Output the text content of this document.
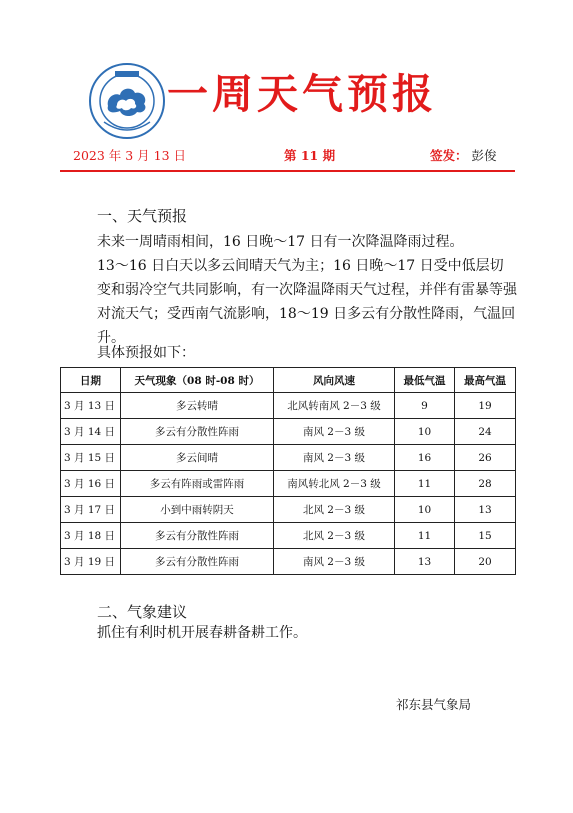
一周天气预报
2023 年 3 月 13 日	第 11 期	签发： 彭俊
一、天气预报
未来一周晴雨相间，16 日晚～17 日有一次降温降雨过程。
13～16 日白天以多云间晴天气为主；16 日晚～17 日受中低层切变和弱冷空气共同影响，有一次降温降雨天气过程，并伴有雷暴等强对流天气；受西南气流影响，18～19 日多云有分散性降雨，气温回升。
具体预报如下：
日期	天气现象（08 时-08 时）	风向风速	最低气温	最高气温
3 月 13 日	多云转晴	北风转南风 2－3 级	9	19
3 月 14 日	多云有分散性阵雨	南风 2－3 级	10	24
3 月 15 日	多云间晴	南风 2－3 级	16	26
3 月 16 日	多云有阵雨或雷阵雨	南风转北风 2－3 级	11	28
3 月 17 日	小到中雨转阴天	北风 2－3 级	10	13
3 月 18 日	多云有分散性阵雨	北风 2－3 级	11	15
3 月 19 日	多云有分散性阵雨	南风 2－3 级	13	20
二、气象建议
抓住有利时机开展春耕备耕工作。
祁东县气象局
